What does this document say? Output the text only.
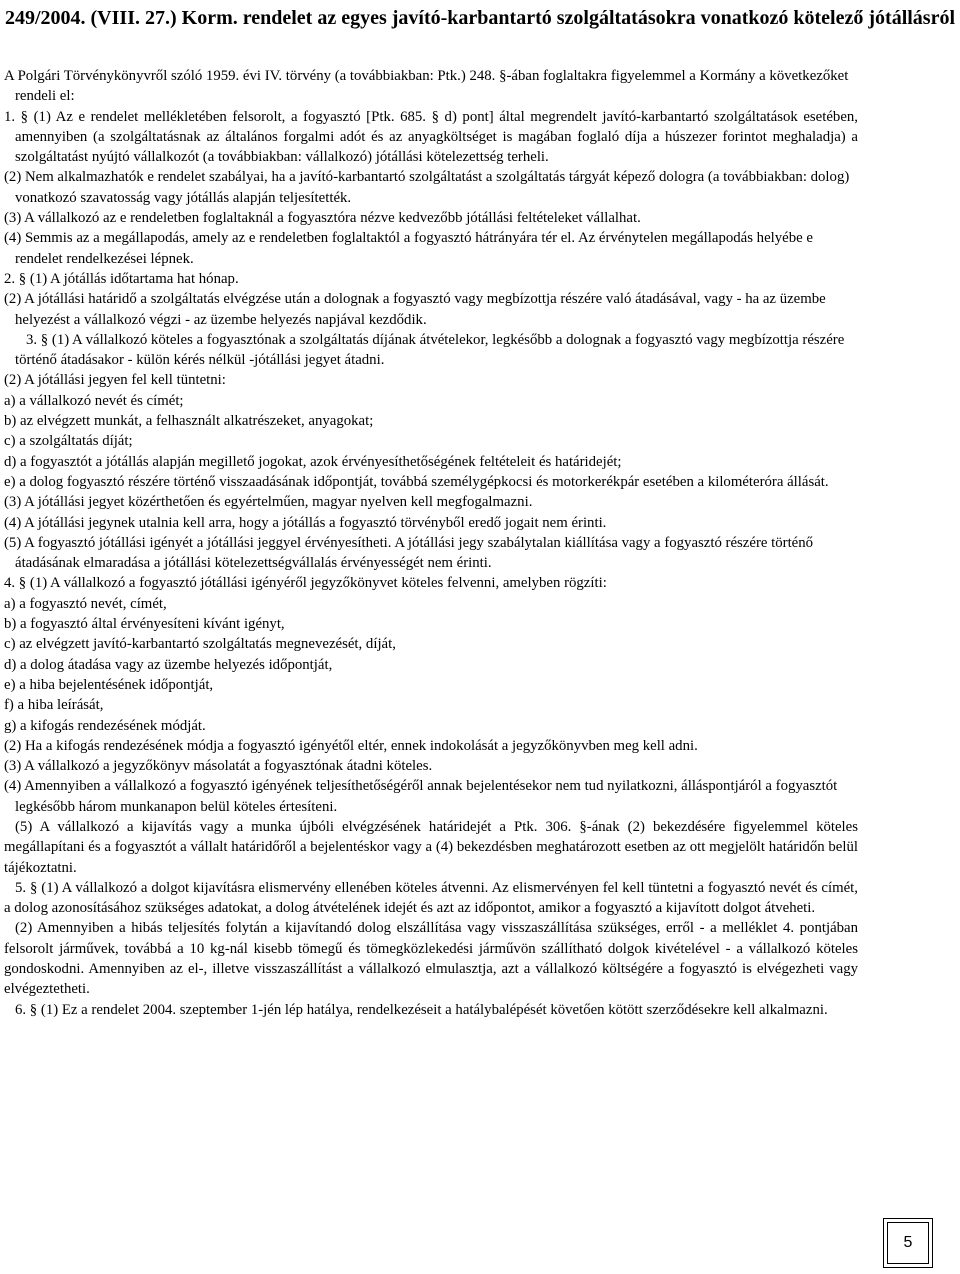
249/2004. (VIII. 27.) Korm. rendelet az egyes javító-karbantartó szolgáltatásokra vonatkozó kötelező jótállásról

A Polgári Törvénykönyvről szóló 1959. évi IV. törvény (a továbbiakban: Ptk.) 248. §-ában foglaltakra figyelemmel a Kormány a következőket rendeli el:

1. § (1) Az e rendelet mellékletében felsorolt, a fogyasztó [Ptk. 685. § d) pont] által megrendelt javító-karbantartó szolgáltatások esetében, amennyiben (a szolgáltatásnak az általános forgalmi adót és az anyagköltséget is magában foglaló díja a húszezer forintot meghaladja) a szolgáltatást nyújtó vállalkozót (a továbbiakban: vállalkozó) jótállási kötelezettség terheli.

(2) Nem alkalmazhatók e rendelet szabályai, ha a javító-karbantartó szolgáltatást a szolgáltatás tárgyát képező dologra (a továbbiakban: dolog) vonatkozó szavatosság vagy jótállás alapján teljesítették.

(3) A vállalkozó az e rendeletben foglaltaknál a fogyasztóra nézve kedvezőbb jótállási feltételeket vállalhat.

(4) Semmis az a megállapodás, amely az e rendeletben foglaltaktól a fogyasztó hátrányára tér el. Az érvénytelen megállapodás helyébe e rendelet rendelkezései lépnek.

2. § (1) A jótállás időtartama hat hónap.

(2) A jótállási határidő a szolgáltatás elvégzése után a dolognak a fogyasztó vagy megbízottja részére való átadásával, vagy - ha az üzembe helyezést a vállalkozó végzi - az üzembe helyezés napjával kezdődik.

3. § (1) A vállalkozó köteles a fogyasztónak a szolgáltatás díjának átvételekor, legkésőbb a dolognak a fogyasztó vagy megbízottja részére történő átadásakor - külön kérés nélkül -jótállási jegyet átadni.

(2) A jótállási jegyen fel kell tüntetni:

a) a vállalkozó nevét és címét;

b) az elvégzett munkát, a felhasznált alkatrészeket, anyagokat;

c) a szolgáltatás díját;

d) a fogyasztót a jótállás alapján megillető jogokat, azok érvényesíthetőségének feltételeit és határidejét;

e) a dolog fogyasztó részére történő visszaadásának időpontját, továbbá személygépkocsi és motorkerékpár esetében a kilométeróra állását.

(3) A jótállási jegyet közérthetően és egyértelműen, magyar nyelven kell megfogalmazni.

(4) A jótállási jegynek utalnia kell arra, hogy a jótállás a fogyasztó törvényből eredő jogait nem érinti.

(5) A fogyasztó jótállási igényét a jótállási jeggyel érvényesítheti. A jótállási jegy szabálytalan kiállítása vagy a fogyasztó részére történő átadásának elmaradása a jótállási kötelezettségvállalás érvényességét nem érinti.

4. § (1) A vállalkozó a fogyasztó jótállási igényéről jegyzőkönyvet köteles felvenni, amelyben rögzíti:

a) a fogyasztó nevét, címét,

b) a fogyasztó által érvényesíteni kívánt igényt,

c) az elvégzett javító-karbantartó szolgáltatás megnevezését, díját,

d) a dolog átadása vagy az üzembe helyezés időpontját,

e) a hiba bejelentésének időpontját,

f) a hiba leírását,

g) a kifogás rendezésének módját.

(2) Ha a kifogás rendezésének módja a fogyasztó igényétől eltér, ennek indokolását a jegyzőkönyvben meg kell adni.

(3) A vállalkozó a jegyzőkönyv másolatát a fogyasztónak átadni köteles.

(4) Amennyiben a vállalkozó a fogyasztó igényének teljesíthetőségéről annak bejelentésekor nem tud nyilatkozni, álláspontjáról a fogyasztót legkésőbb három munkanapon belül köteles értesíteni.

(5) A vállalkozó a kijavítás vagy a munka újbóli elvégzésének határidejét a Ptk. 306. §-ának (2) bekezdésére figyelemmel köteles megállapítani és a fogyasztót a vállalt határidőről a bejelentéskor vagy a (4) bekezdésben meghatározott esetben az ott megjelölt határidőn belül tájékoztatni.

5. § (1) A vállalkozó a dolgot kijavításra elismervény ellenében köteles átvenni. Az elismervényen fel kell tüntetni a fogyasztó nevét és címét, a dolog azonosításához szükséges adatokat, a dolog átvételének idejét és azt az időpontot, amikor a fogyasztó a kijavított dolgot átveheti.

(2) Amennyiben a hibás teljesítés folytán a kijavítandó dolog elszállítása vagy visszaszállítása szükséges, erről - a melléklet 4. pontjában felsorolt járművek, továbbá a 10 kg-nál kisebb tömegű és tömegközlekedési járművön szállítható dolgok kivételével - a vállalkozó köteles gondoskodni. Amennyiben az el-, illetve visszaszállítást a vállalkozó elmulasztja, azt a vállalkozó költségére a fogyasztó is elvégezheti vagy elvégeztetheti.

6. § (1) Ez a rendelet 2004. szeptember 1-jén lép hatálya, rendelkezéseit a hatálybalépését követően kötött szerződésekre kell alkalmazni.

5
